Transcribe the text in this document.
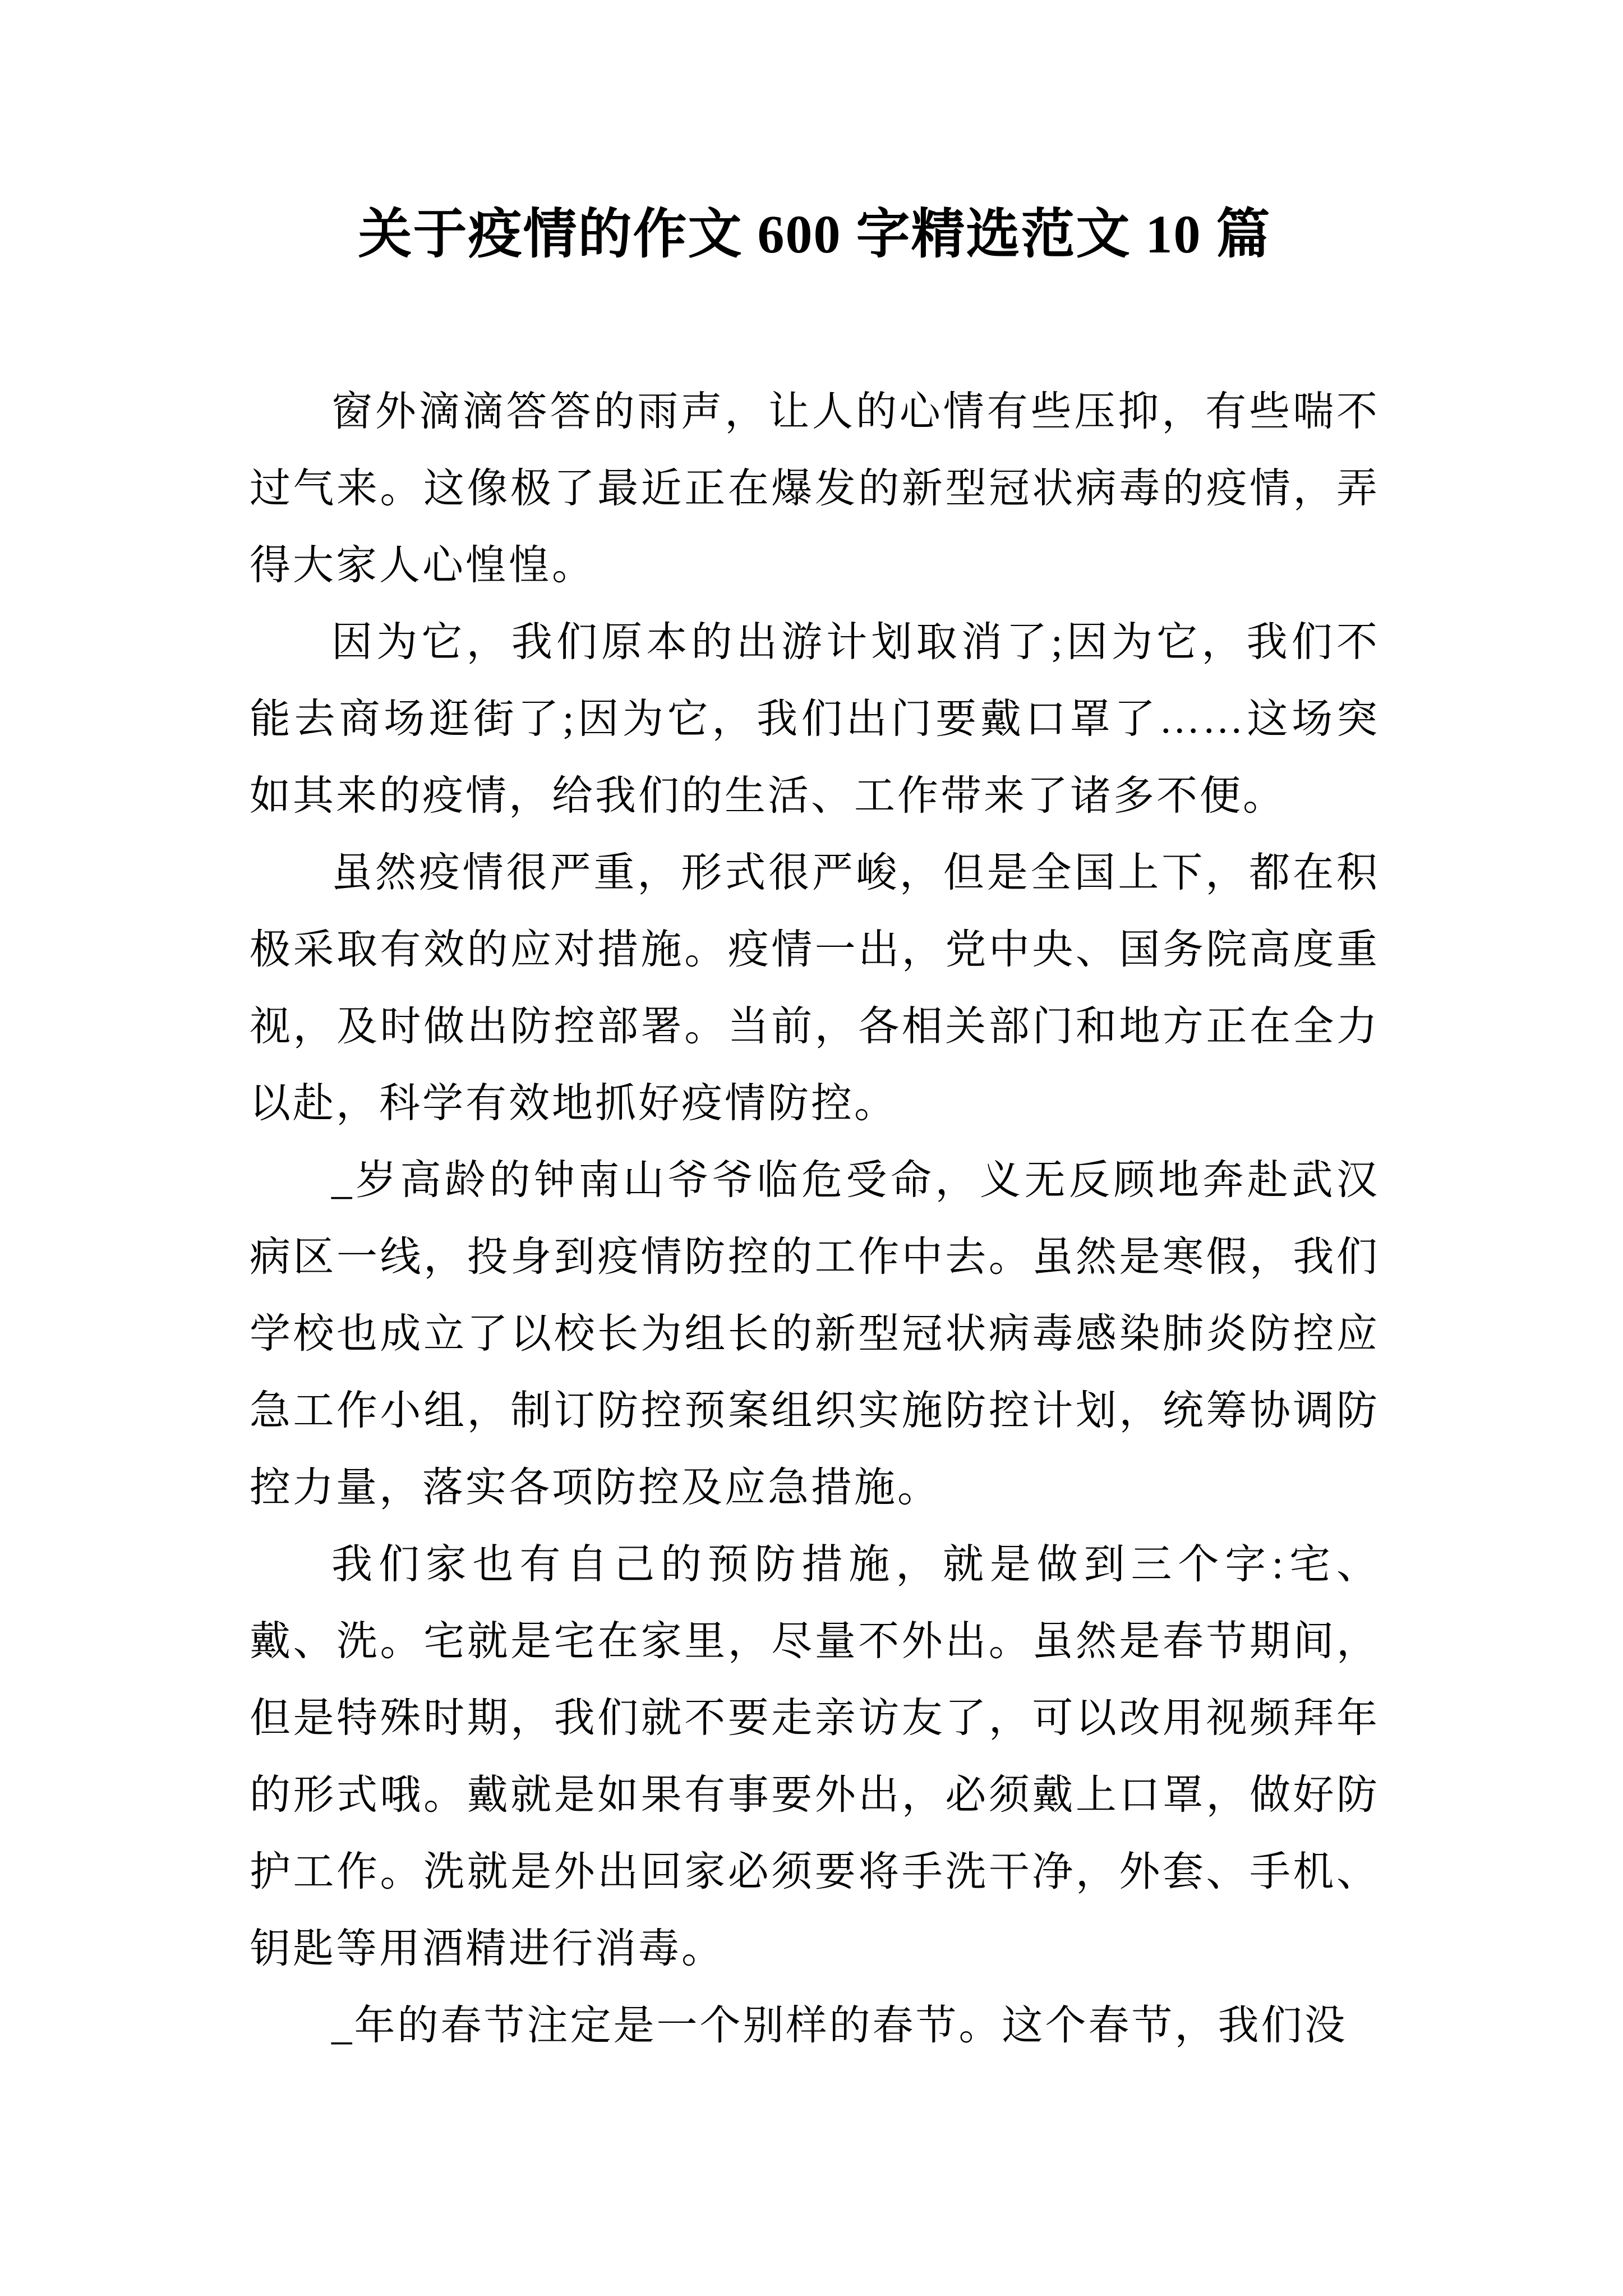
关于疫情的作文 600 字精选范文 10 篇

窗外滴滴答答的雨声，让人的心情有些压抑，有些喘不过气来。这像极了最近正在爆发的新型冠状病毒的疫情，弄得大家人心惶惶。

因为它，我们原本的出游计划取消了;因为它，我们不能去商场逛街了;因为它，我们出门要戴口罩了……这场突如其来的疫情，给我们的生活、工作带来了诸多不便。

虽然疫情很严重，形式很严峻，但是全国上下，都在积极采取有效的应对措施。疫情一出，党中央、国务院高度重视，及时做出防控部署。当前，各相关部门和地方正在全力以赴，科学有效地抓好疫情防控。

_岁高龄的钟南山爷爷临危受命，义无反顾地奔赴武汉病区一线，投身到疫情防控的工作中去。虽然是寒假，我们学校也成立了以校长为组长的新型冠状病毒感染肺炎防控应急工作小组，制订防控预案组织实施防控计划，统筹协调防控力量，落实各项防控及应急措施。

我们家也有自己的预防措施，就是做到三个字:宅、戴、洗。宅就是宅在家里，尽量不外出。虽然是春节期间，但是特殊时期，我们就不要走亲访友了，可以改用视频拜年的形式哦。戴就是如果有事要外出，必须戴上口罩，做好防护工作。洗就是外出回家必须要将手洗干净，外套、手机、钥匙等用酒精进行消毒。

_年的春节注定是一个别样的春节。这个春节，我们没
